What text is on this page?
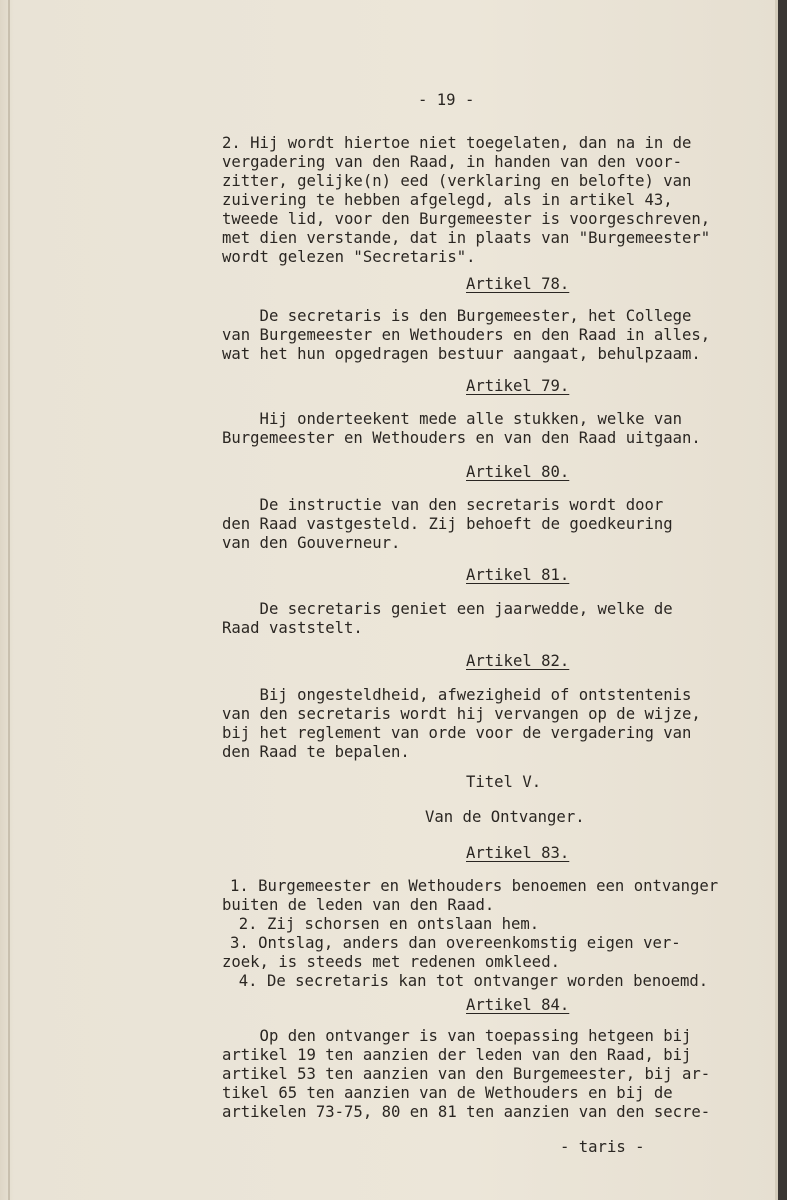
- 19 -
2. Hij wordt hiertoe niet toegelaten, dan na in de
vergadering van den Raad, in handen van den voor-
zitter, gelijke(n) eed (verklaring en belofte) van
zuivering te hebben afgelegd, als in artikel 43,
tweede lid, voor den Burgemeester is voorgeschreven,
met dien verstande, dat in plaats van "Burgemeester"
wordt gelezen "Secretaris".
Artikel 78.
De secretaris is den Burgemeester, het College
van Burgemeester en Wethouders en den Raad in alles,
wat het hun opgedragen bestuur aangaat, behulpzaam.
Artikel 79.
Hij onderteekent mede alle stukken, welke van
Burgemeester en Wethouders en van den Raad uitgaan.
Artikel 80.
De instructie van den secretaris wordt door
den Raad vastgesteld. Zij behoeft de goedkeuring
van den Gouverneur.
Artikel 81.
De secretaris geniet een jaarwedde, welke de
Raad vaststelt.
Artikel 82.
Bij ongesteldheid, afwezigheid of ontstentenis
van den secretaris wordt hij vervangen op de wijze,
bij het reglement van orde voor de vergadering van
den Raad te bepalen.
Titel V.
Van de Ontvanger.
Artikel 83.
1. Burgemeester en Wethouders benoemen een ontvanger
buiten de leden van den Raad.
2. Zij schorsen en ontslaan hem.
3. Ontslag, anders dan overeenkomstig eigen ver-
zoek, is steeds met redenen omkleed.
4. De secretaris kan tot ontvanger worden benoemd.
Artikel 84.
Op den ontvanger is van toepassing hetgeen bij
artikel 19 ten aanzien der leden van den Raad, bij
artikel 53 ten aanzien van den Burgemeester, bij ar-
tikel 65 ten aanzien van de Wethouders en bij de
artikelen 73-75, 80 en 81 ten aanzien van den secre-
- taris -
